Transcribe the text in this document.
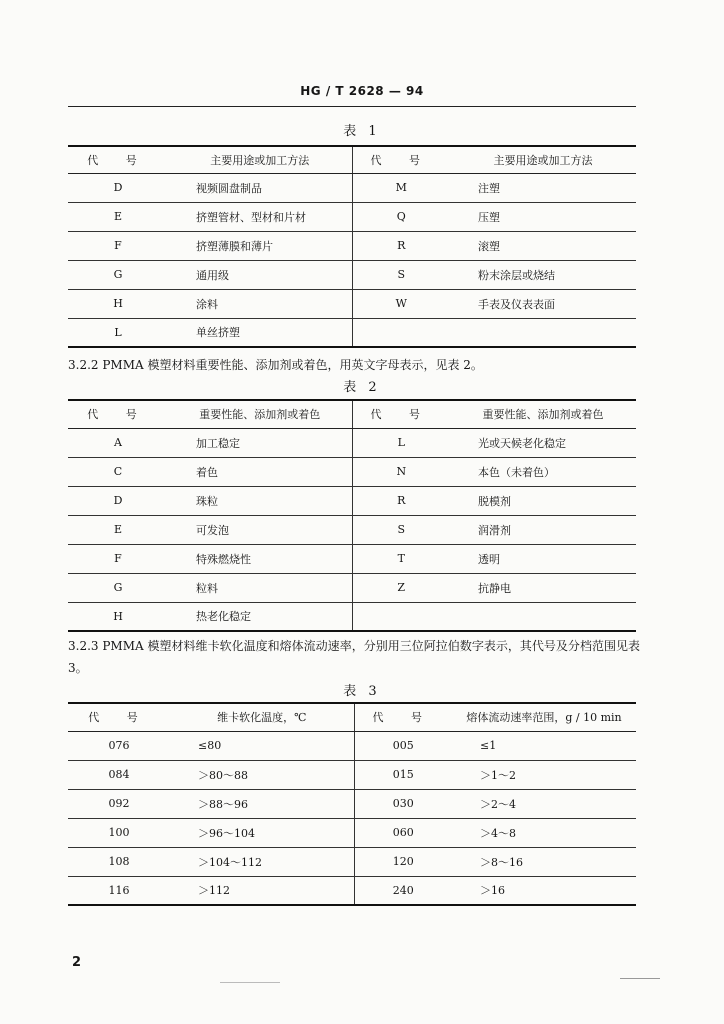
HG / T 2628 — 94
表 1
代 号	主要用途或加工方法	代 号	主要用途或加工方法
D	视频圆盘制品	M	注塑
E	挤塑管材、型材和片材	Q	压塑
F	挤塑薄膜和薄片	R	滚塑
G	通用级	S	粉末涂层或烧结
H	涂料	W	手表及仪表表面
L	单丝挤塑		
3.2.2 PMMA 模塑材料重要性能、添加剂或着色，用英文字母表示，见表 2。
表 2
代 号	重要性能、添加剂或着色	代 号	重要性能、添加剂或着色
A	加工稳定	L	光或天候老化稳定
C	着色	N	本色（未着色）
D	珠粒	R	脱模剂
E	可发泡	S	润滑剂
F	特殊燃烧性	T	透明
G	粒料	Z	抗静电
H	热老化稳定		
3.2.3 PMMA 模塑材料维卡软化温度和熔体流动速率，分别用三位阿拉伯数字表示，其代号及分档范围见表 3。
表 3
代 号	维卡软化温度，℃	代 号	熔体流动速率范围，g / 10 min
076	≤80	005	≤1
084	＞80～88	015	＞1～2
092	＞88～96	030	＞2～4
100	＞96～104	060	＞4～8
108	＞104～112	120	＞8～16
116	＞112	240	＞16
2
